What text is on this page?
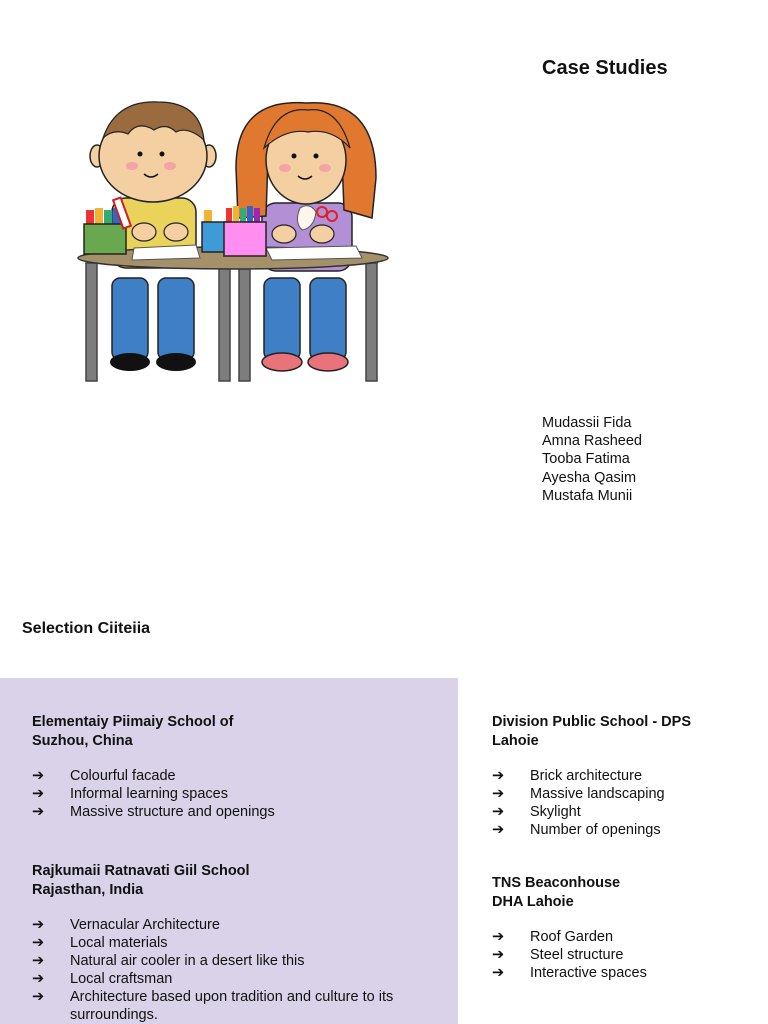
Case Studies
Mudassii Fida
Amna Rasheed
Tooba Fatima
Ayesha Qasim
Mustafa Munii
Selection Ciiteiia
Elementaiy Piimaiy School of
Suzhou, China
➔ Colourful facade
➔ Informal learning spaces
➔ Massive structure and openings
Rajkumaii Ratnavati Giil School
Rajasthan, India
➔ Vernacular Architecture
➔ Local materials
➔ Natural air cooler in a desert like this
➔ Local craftsman
➔ Architecture based upon tradition and culture to its surroundings.
Division Public School - DPS
Lahoie
➔ Brick architecture
➔ Massive landscaping
➔ Skylight
➔ Number of openings
TNS Beaconhouse
DHA Lahoie
➔ Roof Garden
➔ Steel structure
➔ Interactive spaces
